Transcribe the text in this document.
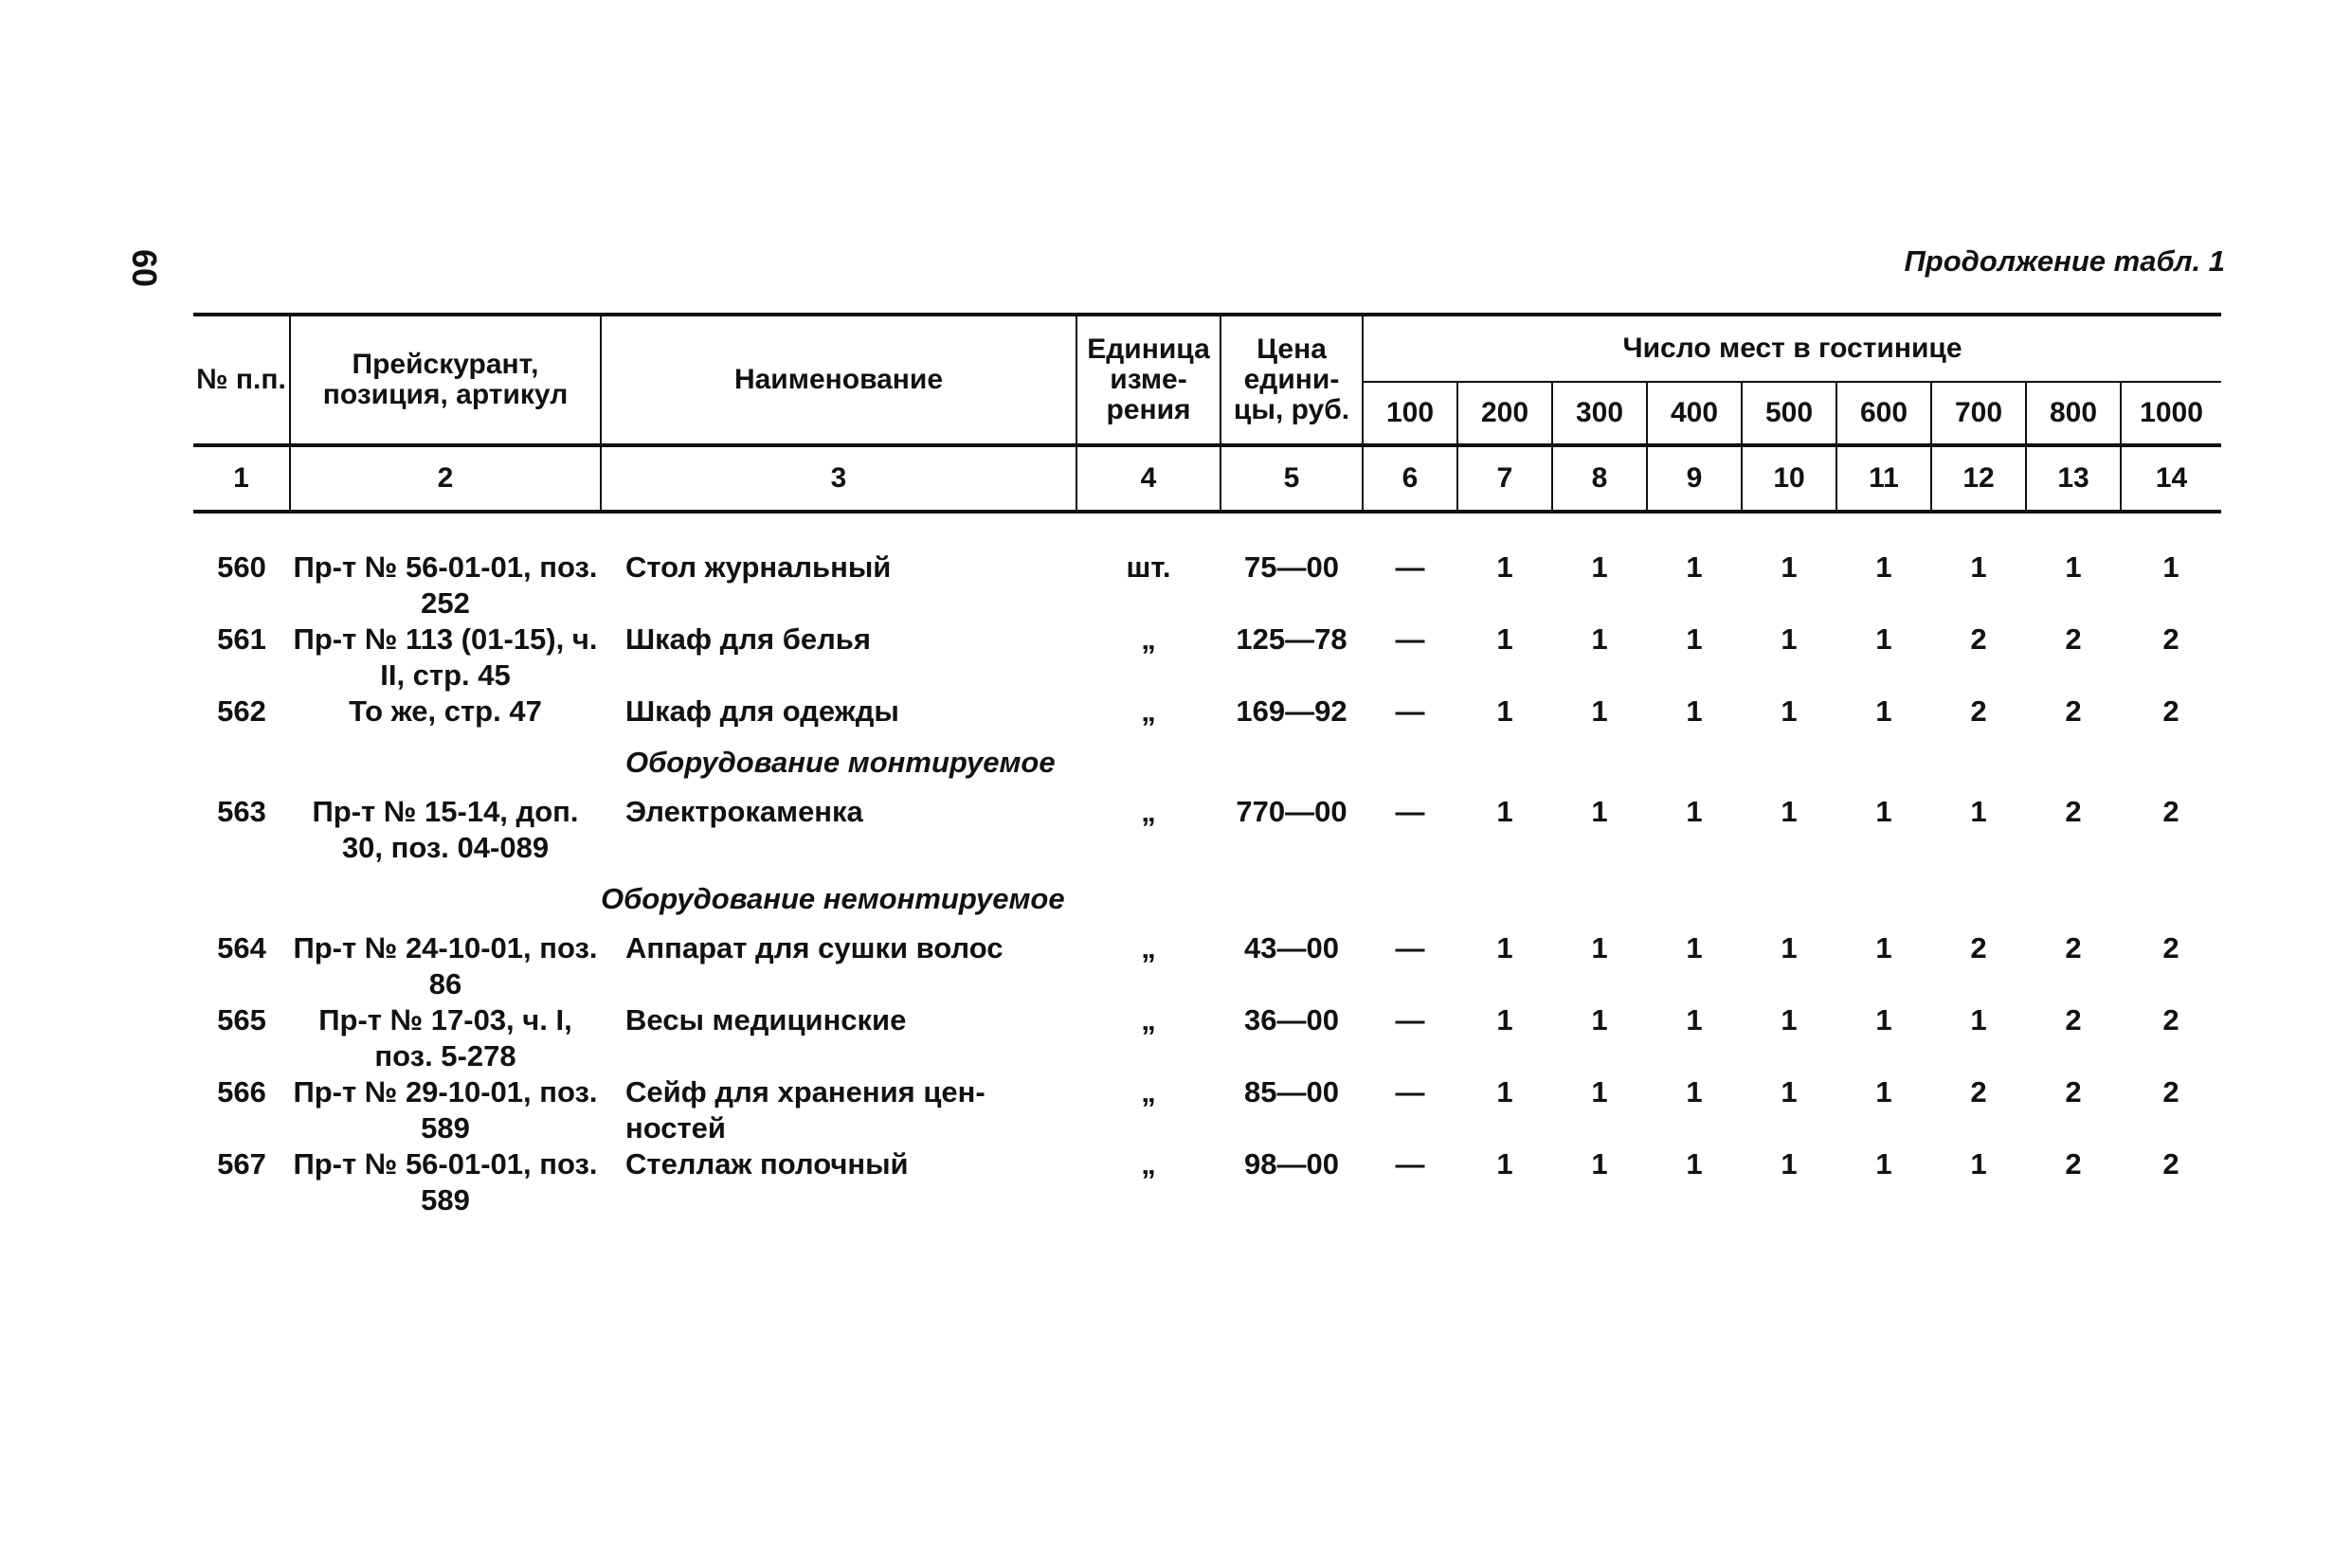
60	Продолжение табл. 1
№ п.п.	Прейскурант, позиция, артикул	Наименование	Единица изме- рения	Цена едини- цы, руб.	Число мест в гостинице								
					100	200	300	400	500	600	700	800	1000
1	2	3	4	5	6	7	8	9	10	11	12	13	14
560	Пр-т № 56-01-01, поз. 252	Стол журнальный	шт.	75—00	—	1	1	1	1	1	1	1	1
561	Пр-т № 113 (01-15), ч. II, стр. 45	Шкаф для белья	„	125—78	—	1	1	1	1	1	2	2	2
562	То же, стр. 47	Шкаф для одежды	„	169—92	—	1	1	1	1	1	2	2	2
		Оборудование монтируемое											
563	Пр-т № 15-14, доп. 30, поз. 04-089	Электрокаменка	„	770—00	—	1	1	1	1	1	1	2	2
		Оборудование немонтируемое											
564	Пр-т № 24-10-01, поз. 86	Аппарат для сушки волос	„	43—00	—	1	1	1	1	1	2	2	2
565	Пр-т № 17-03, ч. I, поз. 5-278	Весы медицинские	„	36—00	—	1	1	1	1	1	1	2	2
566	Пр-т № 29-10-01, поз. 589	Сейф для хранения цен- ностей	„	85—00	—	1	1	1	1	1	2	2	2
567	Пр-т № 56-01-01, поз. 589	Стеллаж полочный	„	98—00	—	1	1	1	1	1	1	2	2
